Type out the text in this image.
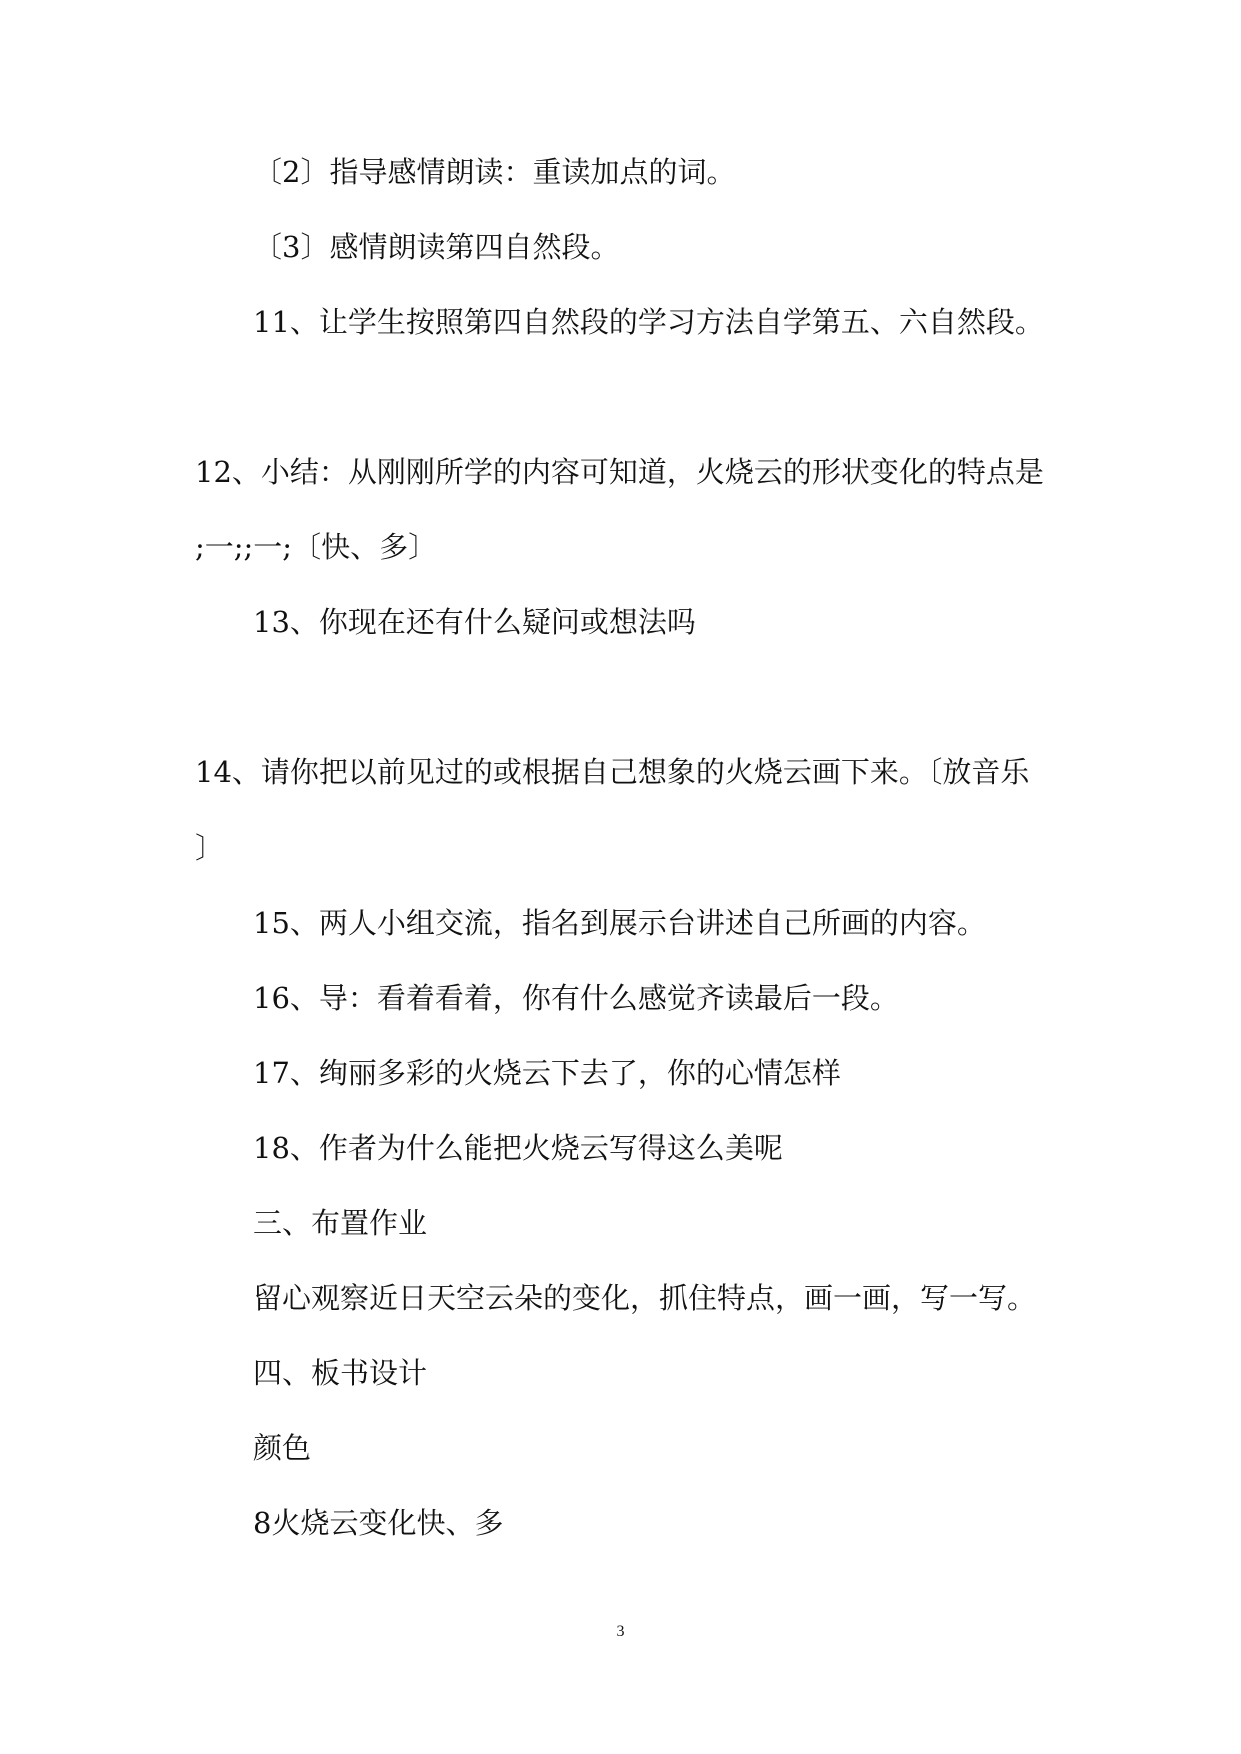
〔2〕指导感情朗读：重读加点的词。

〔3〕感情朗读第四自然段。

11、让学生按照第四自然段的学习方法自学第五、六自然段。

12、小结：从刚刚所学的内容可知道，火烧云的形状变化的特点是

;一;;一;〔快、多〕

13、你现在还有什么疑问或想法吗

14、请你把以前见过的或根据自己想象的火烧云画下来。〔放音乐

〕

15、两人小组交流，指名到展示台讲述自己所画的内容。

16、导：看着看着，你有什么感觉齐读最后一段。

17、绚丽多彩的火烧云下去了，你的心情怎样

18、作者为什么能把火烧云写得这么美呢

三、布置作业

留心观察近日天空云朵的变化，抓住特点，画一画，写一写。

四、板书设计

颜色

8火烧云变化快、多

3
